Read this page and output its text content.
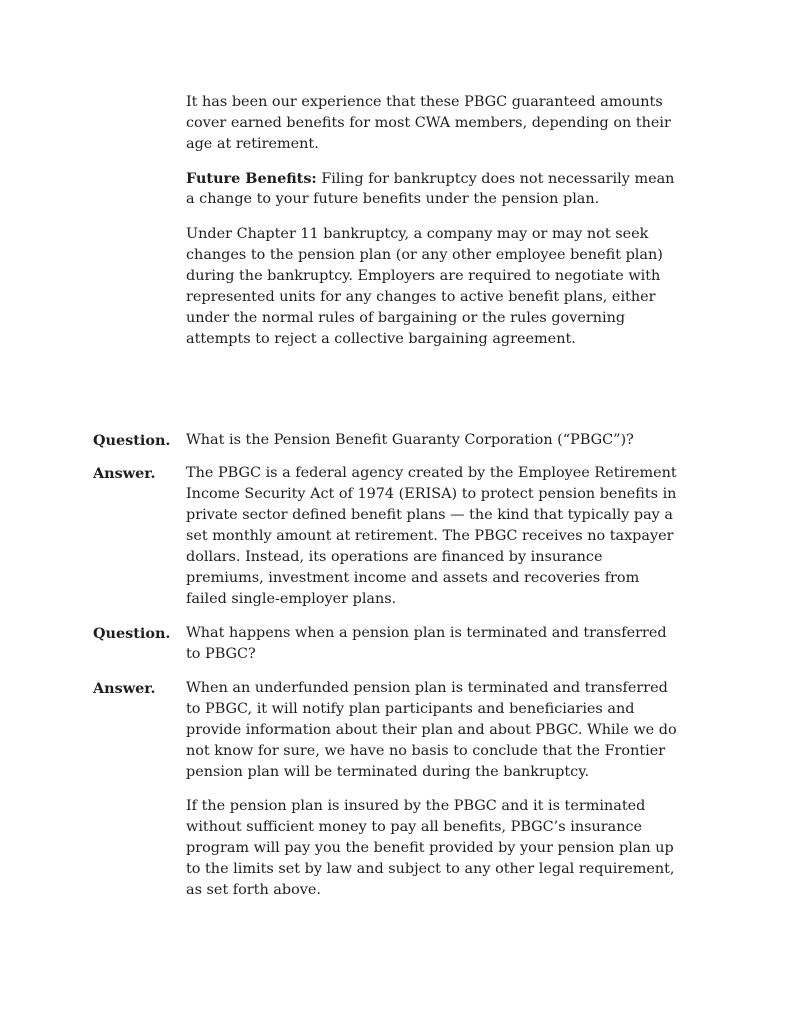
It has been our experience that these PBGC guaranteed amounts
cover earned benefits for most CWA members, depending on their
age at retirement.
Future Benefits: Filing for bankruptcy does not necessarily mean
a change to your future benefits under the pension plan.
Under Chapter 11 bankruptcy, a company may or may not seek
changes to the pension plan (or any other employee benefit plan)
during the bankruptcy. Employers are required to negotiate with
represented units for any changes to active benefit plans, either
under the normal rules of bargaining or the rules governing
attempts to reject a collective bargaining agreement.
Question. What is the Pension Benefit Guaranty Corporation (“PBGC”)?
Answer. The PBGC is a federal agency created by the Employee Retirement
Income Security Act of 1974 (ERISA) to protect pension benefits in
private sector defined benefit plans — the kind that typically pay a
set monthly amount at retirement. The PBGC receives no taxpayer
dollars. Instead, its operations are financed by insurance
premiums, investment income and assets and recoveries from
failed single-employer plans.
Question. What happens when a pension plan is terminated and transferred
to PBGC?
Answer. When an underfunded pension plan is terminated and transferred
to PBGC, it will notify plan participants and beneficiaries and
provide information about their plan and about PBGC. While we do
not know for sure, we have no basis to conclude that the Frontier
pension plan will be terminated during the bankruptcy.
If the pension plan is insured by the PBGC and it is terminated
without sufficient money to pay all benefits, PBGC’s insurance
program will pay you the benefit provided by your pension plan up
to the limits set by law and subject to any other legal requirement,
as set forth above.
